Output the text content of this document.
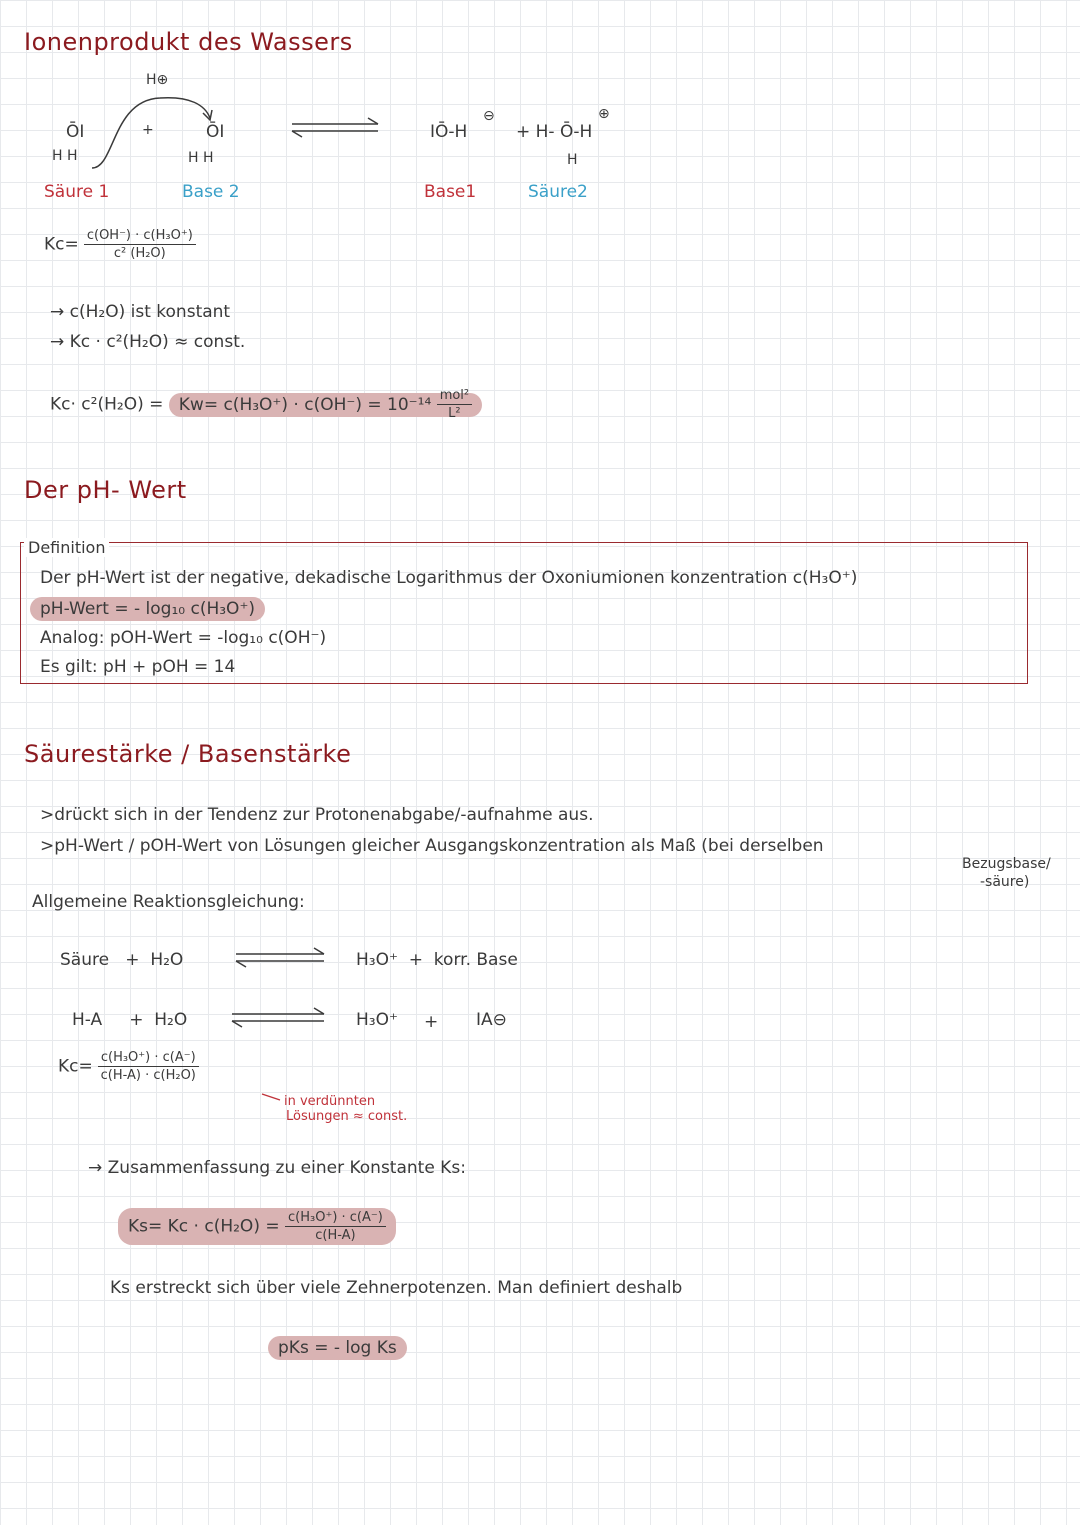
Ionenprodukt des Wassers
H⊕
ŌI
H H
+	ŌI
H H
IŌ-H
⊖
+ H- Ō-H
H
⊕
Säure 1	Base 2	Base1	Säure2
$Kc= \frac{\text{c(OH⁻) · c(H₃O⁺)}}{\text{c² (H₂O)}}$
→ c(H₂O) ist konstant
→ Kc · c²(H₂O) ≈ const.
$Kc\cdot c^2(H_2O) = Kw= c(H_3O^+) \cdot c(OH^-) = 10^{-14} \frac{\text{mol²}}{\text{L²}}$
Der pH- Wert
Definition
Der pH-Wert ist der negative, dekadische Logarithmus der Oxoniumionen konzentration c(H₃O⁺)
pH-Wert = - log₁₀ c(H₃O⁺)
Analog: pOH-Wert = -log₁₀ c(OH⁻)
Es gilt: pH + pOH = 14
Säurestärke / Basenstärke
>drückt sich in der Tendenz zur Protonenabgabe/-aufnahme aus.
>pH-Wert / pOH-Wert von Lösungen gleicher Ausgangskonzentration als Maß (bei derselben
Bezugsbase/
-säure)
Allgemeine Reaktionsgleichung:
Säure   +  H₂O	H₃O⁺  +  korr. Base
H-A     +  H₂O	H₃O⁺ + IA⊖
$Kc= \frac{\text{c(H₃O⁺) · c(A⁻)}}{\text{c(H-A) · c(H₂O)}}$
in verdünnten
Lösungen ≈ const.
→ Zusammenfassung zu einer Konstante Ks:
$Ks= Kc \cdot c(H_2O) = \frac{\text{c(H₃O⁺) · c(A⁻)}}{c(H-A)}$
Ks erstreckt sich über viele Zehnerpotenzen. Man definiert deshalb
pKs = - log Ks
